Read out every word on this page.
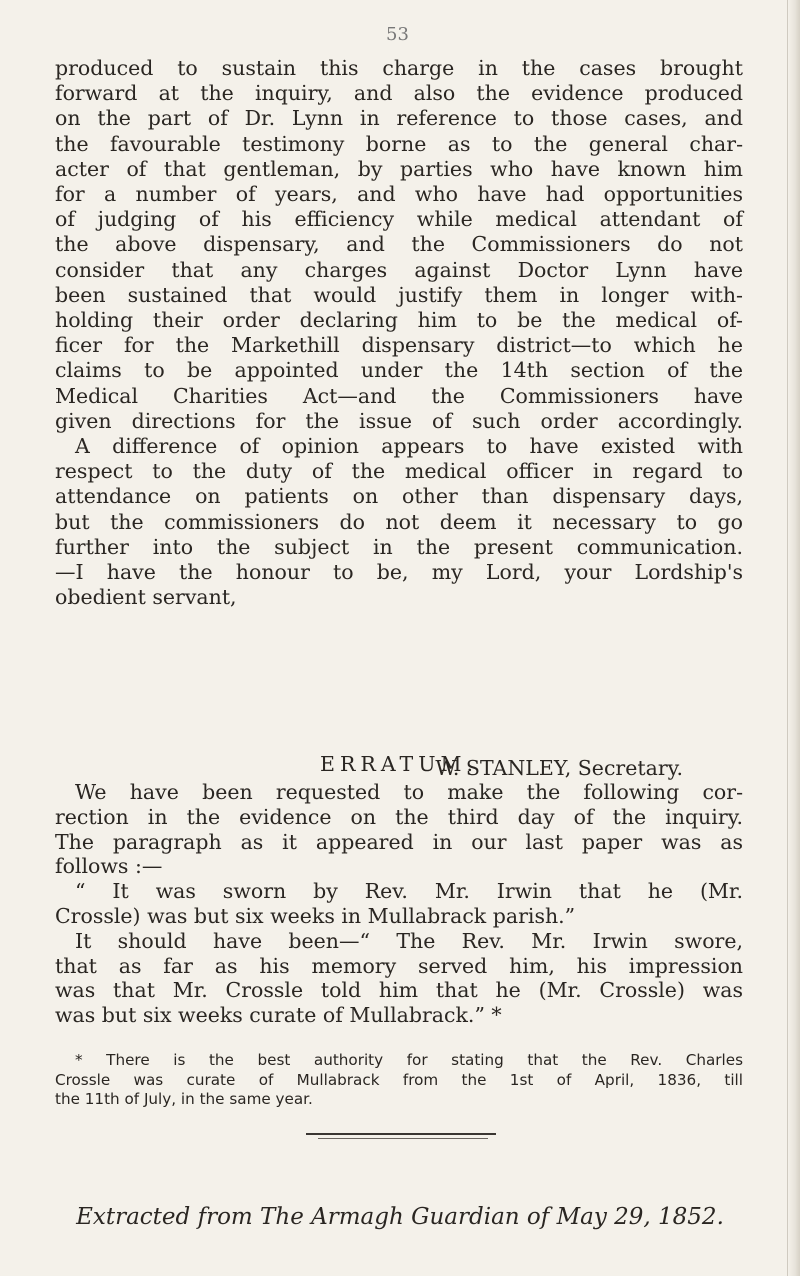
53
produced to sustain this charge in the cases brought
forward at the inquiry, and also the evidence produced
on the part of Dr. Lynn in reference to those cases, and
the favourable testimony borne as to the general char-
acter of that gentleman, by parties who have known him
for a number of years, and who have had opportunities
of judging of his efficiency while medical attendant of
the above dispensary, and the Commissioners do not
consider that any charges against Doctor Lynn have
been sustained that would justify them in longer with-
holding their order declaring him to be the medical of-
ficer for the Markethill dispensary district—to which he
claims to be appointed under the 14th section of the
Medical Charities Act—and the Commissioners have
given directions for the issue of such order accordingly.
A difference of opinion appears to have existed with
respect to the duty of the medical officer in regard to
attendance on patients on other than dispensary days,
but the commissioners do not deem it necessary to go
further into the subject in the present communication.
—I have the honour to be, my Lord, your Lordship's
obedient servant,
W. STANLEY, Secretary.
ERRATUM.
We have been requested to make the following cor-
rection in the evidence on the third day of the inquiry.
The paragraph as it appeared in our last paper was as
follows :—
“ It was sworn by Rev. Mr. Irwin that he (Mr.
Crossle) was but six weeks in Mullabrack parish.”
It should have been—“ The Rev. Mr. Irwin swore,
that as far as his memory served him, his impression
was that Mr. Crossle told him that he (Mr. Crossle) was
was but six weeks curate of Mullabrack.” *
* There is the best authority for stating that the Rev. Charles
Crossle was curate of Mullabrack from the 1st of April, 1836, till
the 11th of July, in the same year.
Extracted from The Armagh Guardian of May 29, 1852.
